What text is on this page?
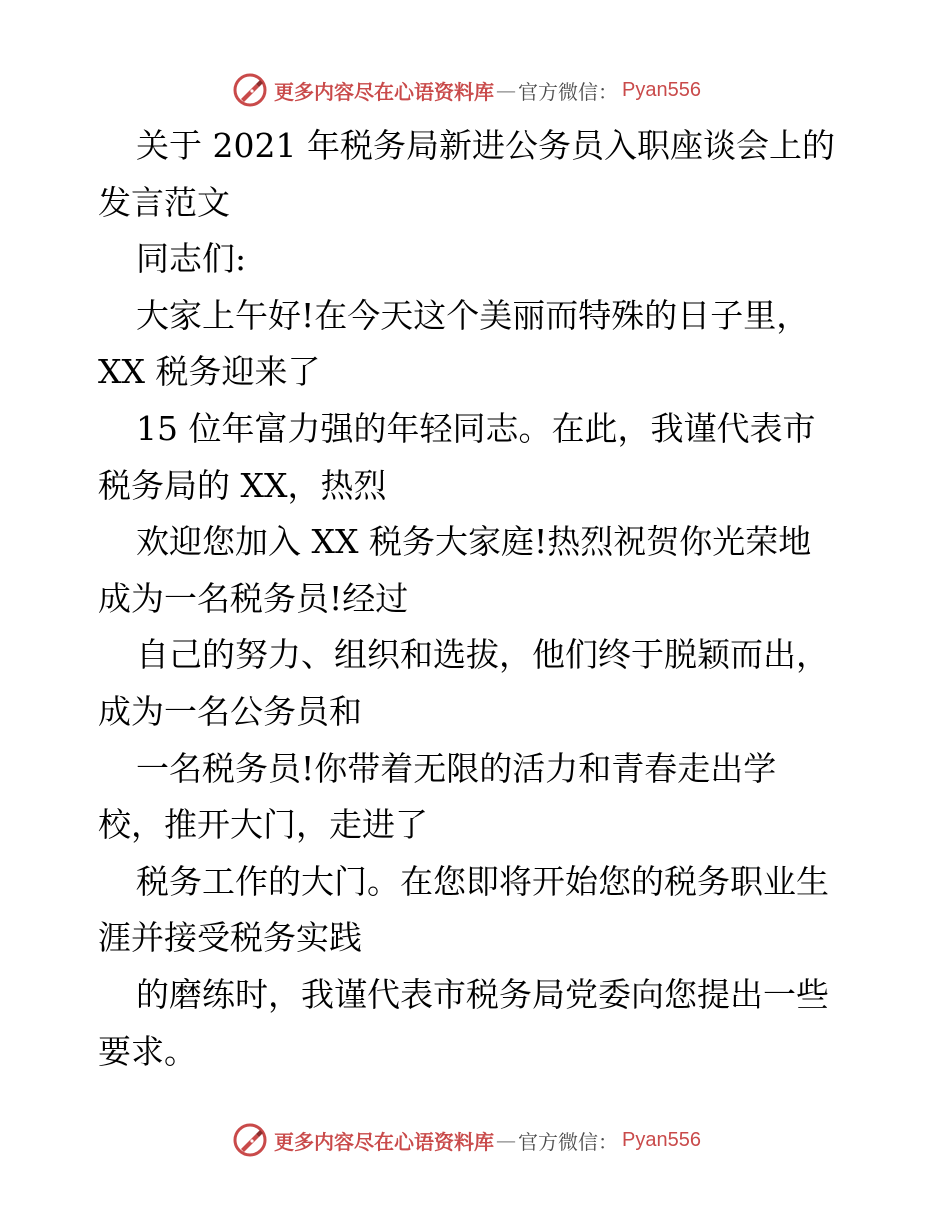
更多内容尽在心语资料库 — 官方微信： Pyan556
关于 2021 年税务局新进公务员入职座谈会上的
发言范文
同志们:
大家上午好!在今天这个美丽而特殊的日子里，
XX 税务迎来了
15 位年富力强的年轻同志。在此，我谨代表市
税务局的 XX，热烈
欢迎您加入 XX 税务大家庭!热烈祝贺你光荣地
成为一名税务员!经过
自己的努力、组织和选拔，他们终于脱颖而出，
成为一名公务员和
一名税务员!你带着无限的活力和青春走出学
校，推开大门，走进了
税务工作的大门。在您即将开始您的税务职业生
涯并接受税务实践
的磨练时，我谨代表市税务局党委向您提出一些
要求。
更多内容尽在心语资料库 — 官方微信： Pyan556
